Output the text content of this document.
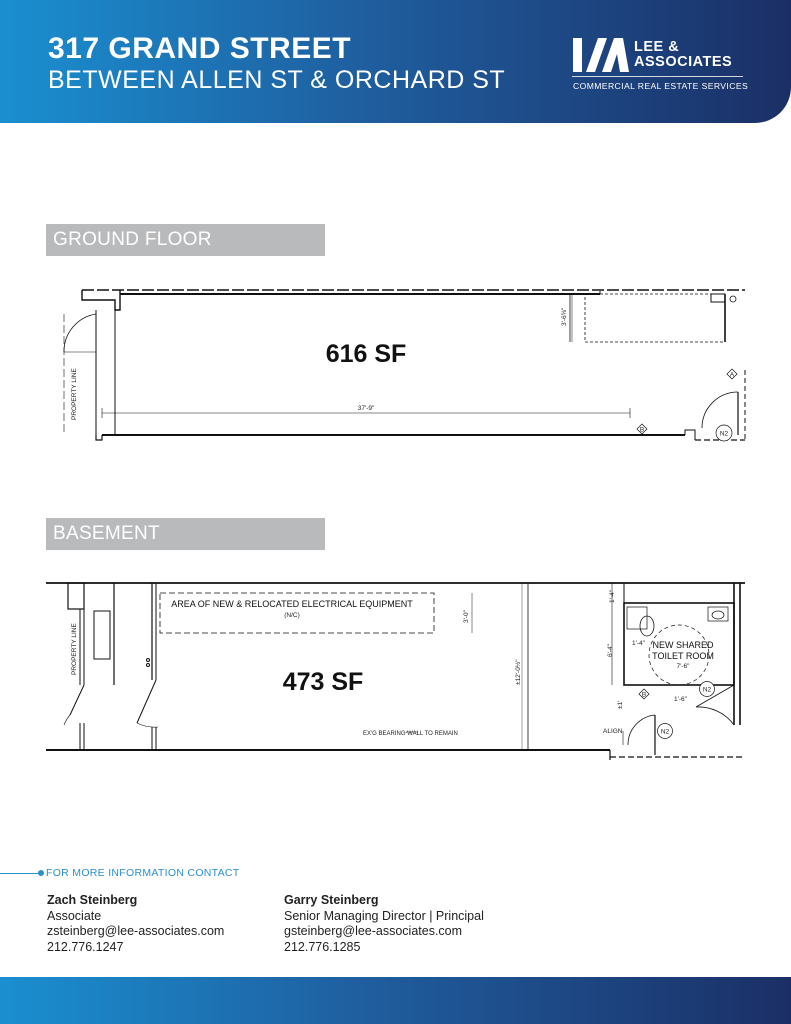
317 GRAND STREET
BETWEEN ALLEN ST & ORCHARD ST
LEE &
ASSOCIATES
COMMERCIAL REAL ESTATE SERVICES
GROUND FLOOR
616 SF
37'-9"
3'-6⅝"
PROPERTY LINE	A
B
N2
BASEMENT
AREA OF NEW & RELOCATED ELECTRICAL EQUIPMENT
(N/C)	3'-0"
EX'G BEARING WALL TO REMAIN
±12'-0½"
PROPERTY LINE
473 SF
NEW SHARED
TOILET ROOM
7'-6"
1'-4"
6'-4"
1'-4"
1'-6"
±1'
ALIGN
B
N2
N2
FOR MORE INFORMATION CONTACT
Zach Steinberg
Associate
zsteinberg@lee-associates.com
212.776.1247
Garry Steinberg
Senior Managing Director | Principal
gsteinberg@lee-associates.com
212.776.1285
